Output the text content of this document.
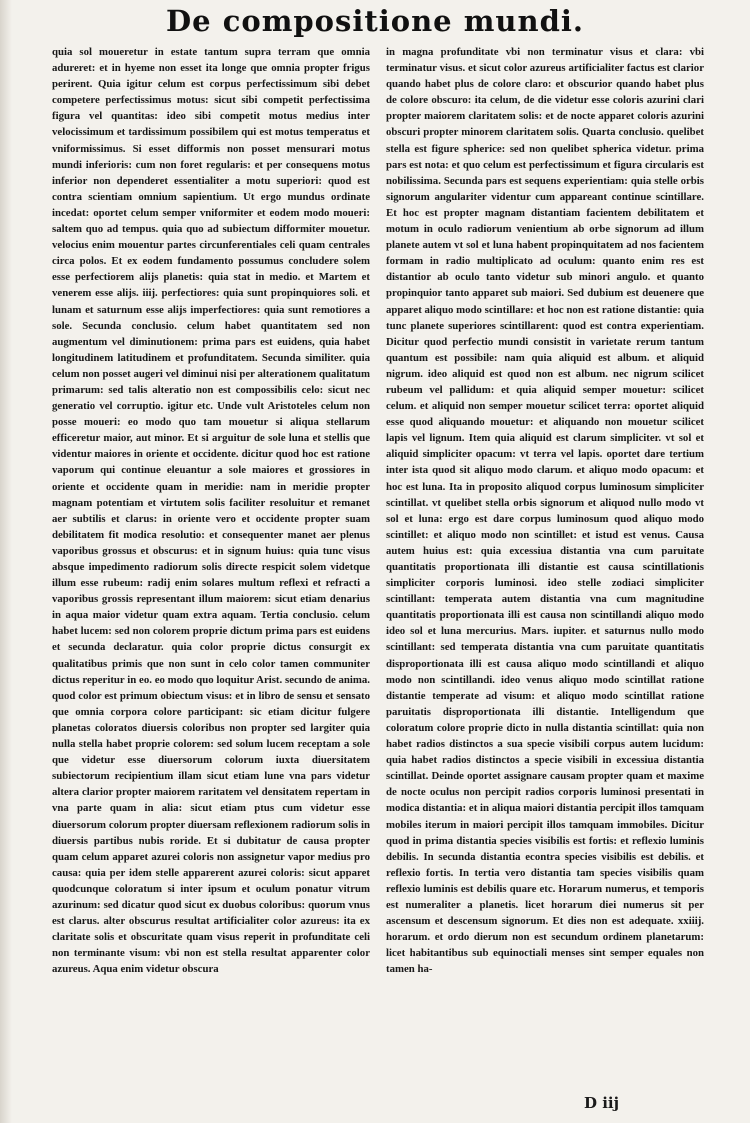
De compositione mundi.

quia sol moueretur in estate tantum supra terram que omnia adureret: et in hyeme non esset ita longe que omnia propter frigus perirent. Quia igitur celum est corpus perfectissimum sibi debet competere perfectissimus motus: sicut sibi competit perfectissima figura vel quantitas: ideo sibi competit motus medius inter velocissimum et tardissimum possibilem qui est motus temperatus et vniformissimus. Si esset difformis non posset mensurari motus mundi inferioris: cum non foret regularis: et per consequens motus inferior non dependeret essentialiter a motu superiori: quod est contra scientiam omnium sapientium. Ut ergo mundus ordinate incedat: oportet celum semper vniformiter et eodem modo moueri: saltem quo ad tempus. quia quo ad subiectum difformiter mouetur. velocius enim mouentur partes circunferentiales celi quam centrales circa polos. Et ex eodem fundamento possumus concludere solem esse perfectiorem alijs planetis: quia stat in medio. et Martem et venerem esse alijs. iiij. perfectiores: quia sunt propinquiores soli. et lunam et saturnum esse alijs imperfectiores: quia sunt remotiores a sole. Secunda conclusio. celum habet quantitatem sed non augmentum vel diminutionem: prima pars est euidens, quia habet longitudinem latitudinem et profunditatem. Secunda similiter. quia celum non posset augeri vel diminui nisi per alterationem qualitatum primarum: sed talis alteratio non est compossibilis celo: sicut nec generatio vel corruptio. igitur etc. Unde vult Aristoteles celum non posse moueri: eo modo quo tam mouetur si aliqua stellarum efficeretur maior, aut minor. Et si arguitur de sole luna et stellis que videntur maiores in oriente et occidente. dicitur quod hoc est ratione vaporum qui continue eleuantur a sole maiores et grossiores in oriente et occidente quam in meridie: nam in meridie propter magnam potentiam et virtutem solis faciliter resoluitur et remanet aer subtilis et clarus: in oriente vero et occidente propter suam debilitatem fit modica resolutio: et consequenter manet aer plenus vaporibus grossus et obscurus: et in signum huius: quia tunc visus absque impedimento radiorum solis directe respicit solem videtque illum esse rubeum: radij enim solares multum reflexi et refracti a vaporibus grossis representant illum maiorem: sicut etiam denarius in aqua maior videtur quam extra aquam. Tertia conclusio. celum habet lucem: sed non colorem proprie dictum prima pars est euidens et secunda declaratur. quia color proprie dictus consurgit ex qualitatibus primis que non sunt in celo color tamen communiter dictus reperitur in eo. eo modo quo loquitur Arist. secundo de anima. quod color est primum obiectum visus: et in libro de sensu et sensato que omnia corpora colore participant: sic etiam dicitur fulgere planetas coloratos diuersis coloribus non propter sed largiter quia nulla stella habet proprie colorem: sed solum lucem receptam a sole que videtur esse diuersorum colorum iuxta diuersitatem subiectorum recipientium illam sicut etiam lune vna pars videtur altera clarior propter maiorem raritatem vel densitatem repertam in vna parte quam in alia: sicut etiam ptus cum videtur esse diuersorum colorum propter diuersam reflexionem radiorum solis in diuersis partibus nubis roride. Et si dubitatur de causa propter quam celum apparet azurei coloris non assignetur vapor medius pro causa: quia per idem stelle apparerent azurei coloris: sicut apparet quodcunque coloratum si inter ipsum et oculum ponatur vitrum azurinum: sed dicatur quod sicut ex duobus coloribus: quorum vnus est clarus. alter obscurus resultat artificialiter color azureus: ita ex claritate solis et obscuritate quam visus reperit in profunditate celi non terminante visum: vbi non est stella resultat apparenter color azureus. Aqua enim videtur obscura

in magna profunditate vbi non terminatur visus et clara: vbi terminatur visus. et sicut color azureus artificialiter factus est clarior quando habet plus de colore claro: et obscurior quando habet plus de colore obscuro: ita celum, de die videtur esse coloris azurini clari propter maiorem claritatem solis: et de nocte apparet coloris azurini obscuri propter minorem claritatem solis. Quarta conclusio. quelibet stella est figure spherice: sed non quelibet spherica videtur. prima pars est nota: et quo celum est perfectissimum et figura circularis est nobilissima. Secunda pars est sequens experientiam: quia stelle orbis signorum angulariter videntur cum appareant continue scintillare. Et hoc est propter magnam distantiam facientem debilitatem et motum in oculo radiorum venientium ab orbe signorum ad illum planete autem vt sol et luna habent propinquitatem ad nos facientem formam in radio multiplicato ad oculum: quanto enim res est distantior ab oculo tanto videtur sub minori angulo. et quanto propinquior tanto apparet sub maiori. Sed dubium est deuenere que apparet aliquo modo scintillare: et hoc non est ratione distantie: quia tunc planete superiores scintillarent: quod est contra experientiam. Dicitur quod perfectio mundi consistit in varietate rerum tantum quantum est possibile: nam quia aliquid est album. et aliquid nigrum. ideo aliquid est quod non est album. nec nigrum scilicet rubeum vel pallidum: et quia aliquid semper mouetur: scilicet celum. et aliquid non semper mouetur scilicet terra: oportet aliquid esse quod aliquando mouetur: et aliquando non mouetur scilicet lapis vel lignum. Item quia aliquid est clarum simpliciter. vt sol et aliquid simpliciter opacum: vt terra vel lapis. oportet dare tertium inter ista quod sit aliquo modo clarum. et aliquo modo opacum: et hoc est luna. Ita in proposito aliquod corpus luminosum simpliciter scintillat. vt quelibet stella orbis signorum et aliquod nullo modo vt sol et luna: ergo est dare corpus luminosum quod aliquo modo scintillet: et aliquo modo non scintillet: et istud est venus. Causa autem huius est: quia excessiua distantia vna cum paruitate quantitatis proportionata illi distantie est causa scintillationis simpliciter corporis luminosi. ideo stelle zodiaci simpliciter scintillant: temperata autem distantia vna cum magnitudine quantitatis proportionata illi est causa non scintillandi aliquo modo ideo sol et luna mercurius. Mars. iupiter. et saturnus nullo modo scintillant: sed temperata distantia vna cum paruitate quantitatis disproportionata illi est causa aliquo modo scintillandi et aliquo modo non scintillandi. ideo venus aliquo modo scintillat ratione distantie temperate ad visum: et aliquo modo scintillat ratione paruitatis disproportionata illi distantie. Intelligendum que coloratum colore proprie dicto in nulla distantia scintillat: quia non habet radios distinctos a sua specie visibili corpus autem lucidum: quia habet radios distinctos a specie visibili in excessiua distantia scintillat. Deinde oportet assignare causam propter quam et maxime de nocte oculus non percipit radios corporis luminosi presentati in modica distantia: et in aliqua maiori distantia percipit illos tamquam mobiles iterum in maiori percipit illos tamquam immobiles. Dicitur quod in prima distantia species visibilis est fortis: et reflexio luminis debilis. In secunda distantia econtra species visibilis est debilis. et reflexio fortis. In tertia vero distantia tam species visibilis quam reflexio luminis est debilis quare etc. Horarum numerus, et temporis est numeraliter a planetis. licet horarum diei numerus sit per ascensum et descensum signorum. Et dies non est adequate. xxiiij. horarum. et ordo dierum non est secundum ordinem planetarum: licet habitantibus sub equinoctiali menses sint semper equales non tamen ha-

D iij
